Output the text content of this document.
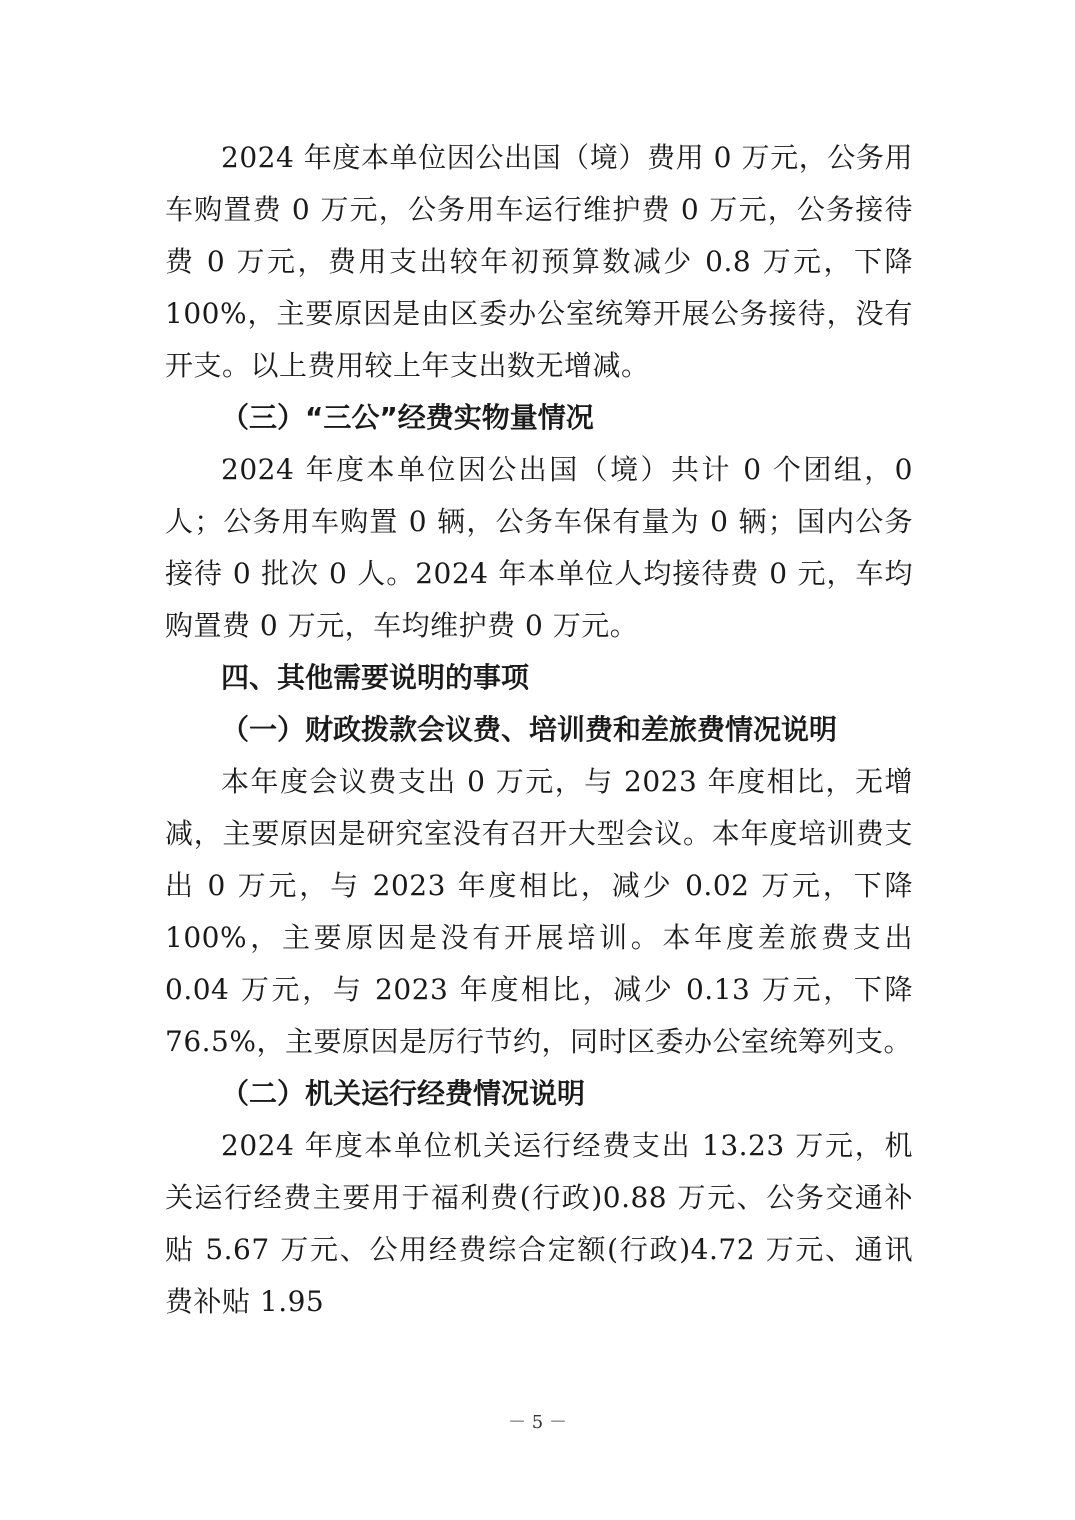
2024 年度本单位因公出国（境）费用 0 万元，公务用车购置费 0 万元，公务用车运行维护费 0 万元，公务接待费 0 万元，费用支出较年初预算数减少 0.8 万元，下降 100%，主要原因是由区委办公室统筹开展公务接待，没有开支。以上费用较上年支出数无增减。

（三）“三公”经费实物量情况

2024 年度本单位因公出国（境）共计 0 个团组，0 人；公务用车购置 0 辆，公务车保有量为 0 辆；国内公务接待 0 批次 0 人。2024 年本单位人均接待费 0 元，车均购置费 0 万元，车均维护费 0 万元。

四、其他需要说明的事项

（一）财政拨款会议费、培训费和差旅费情况说明

本年度会议费支出 0 万元，与 2023 年度相比，无增减，主要原因是研究室没有召开大型会议。本年度培训费支出 0 万元，与 2023 年度相比，减少 0.02 万元，下降 100%，主要原因是没有开展培训。本年度差旅费支出 0.04 万元，与 2023 年度相比，减少 0.13 万元，下降 76.5%，主要原因是厉行节约，同时区委办公室统筹列支。

（二）机关运行经费情况说明

2024 年度本单位机关运行经费支出 13.23 万元，机关运行经费主要用于福利费(行政)0.88 万元、公务交通补贴 5.67 万元、公用经费综合定额(行政)4.72 万元、通讯费补贴 1.95

－ 5 －
